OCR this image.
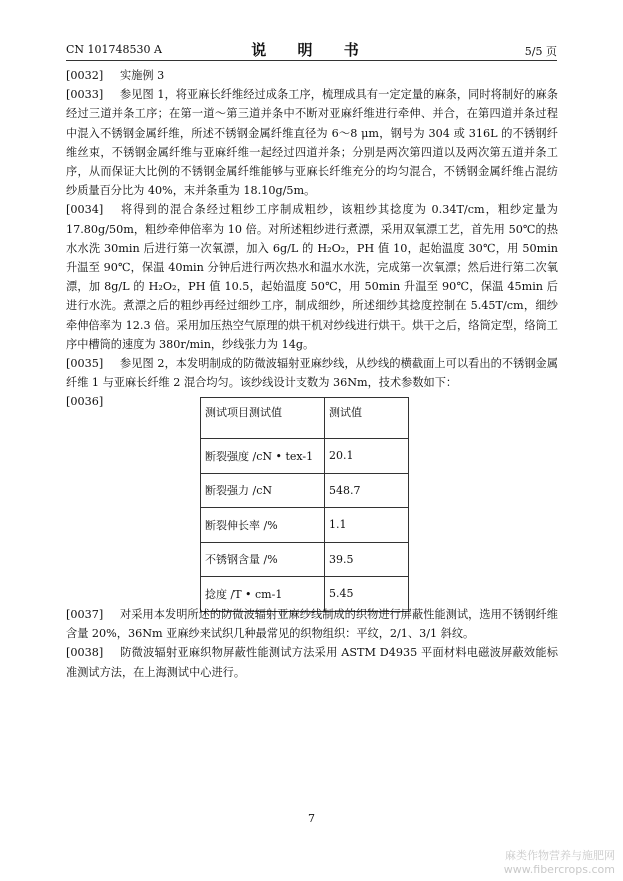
CN 101748530 A	说 明 书	5/5 页

[0032] 实施例 3

[0033] 参见图 1，将亚麻长纤维经过成条工序，梳理成具有一定定量的麻条，同时将制好的麻条经过三道并条工序；在第一道～第三道并条中不断对亚麻纤维进行牵伸、并合，在第四道并条过程中混入不锈钢金属纤维，所述不锈钢金属纤维直径为 6～8 μm，钢号为 304 或 316L 的不锈钢纤维丝束，不锈钢金属纤维与亚麻纤维一起经过四道并条；分别是两次第四道以及两次第五道并条工序，从而保证大比例的不锈钢金属纤维能够与亚麻长纤维充分的均匀混合，不锈钢金属纤维占混纺纱质量百分比为 40%，末并条重为 18.10g/5m。

[0034] 将得到的混合条经过粗纱工序制成粗纱，该粗纱其捻度为 0.34T/cm，粗纱定量为 17.80g/50m，粗纱牵伸倍率为 10 倍。对所述粗纱进行煮漂，采用双氧漂工艺，首先用 50℃的热水水洗 30min 后进行第一次氧漂，加入 6g/L 的 H₂O₂，PH 值 10，起始温度 30℃，用 50min 升温至 90℃，保温 40min 分钟后进行两次热水和温水水洗，完成第一次氧漂；然后进行第二次氧漂，加 8g/L 的 H₂O₂，PH 值 10.5，起始温度 50℃，用 50min 升温至 90℃，保温 45min 后进行水洗。煮漂之后的粗纱再经过细纱工序，制成细纱，所述细纱其捻度控制在 5.45T/cm，细纱牵伸倍率为 12.3 倍。采用加压热空气原理的烘干机对纱线进行烘干。烘干之后，络筒定型，络筒工序中槽筒的速度为 380r/min，纱线张力为 14g。

[0035] 参见图 2，本发明制成的防微波辐射亚麻纱线，从纱线的横截面上可以看出的不锈钢金属纤维 1 与亚麻长纤维 2 混合均匀。该纱线设计支数为 36Nm，技术参数如下：

[0036]

测试项目测试值	测试值
断裂强度 /cN • tex-1	20.1
断裂强力 /cN	548.7
断裂伸长率 /%	1.1
不锈钢含量 /%	39.5
捻度 /T • cm-1	5.45

[0037] 对采用本发明所述的防微波辐射亚麻纱线制成的织物进行屏蔽性能测试，选用不锈钢纤维含量 20%，36Nm 亚麻纱来试织几种最常见的织物组织：平纹，2/1、3/1 斜纹。

[0038] 防微波辐射亚麻织物屏蔽性能测试方法采用 ASTM D4935 平面材料电磁波屏蔽效能标准测试方法，在上海测试中心进行。

7
麻类作物营养与施肥网
www.fibercrops.com
